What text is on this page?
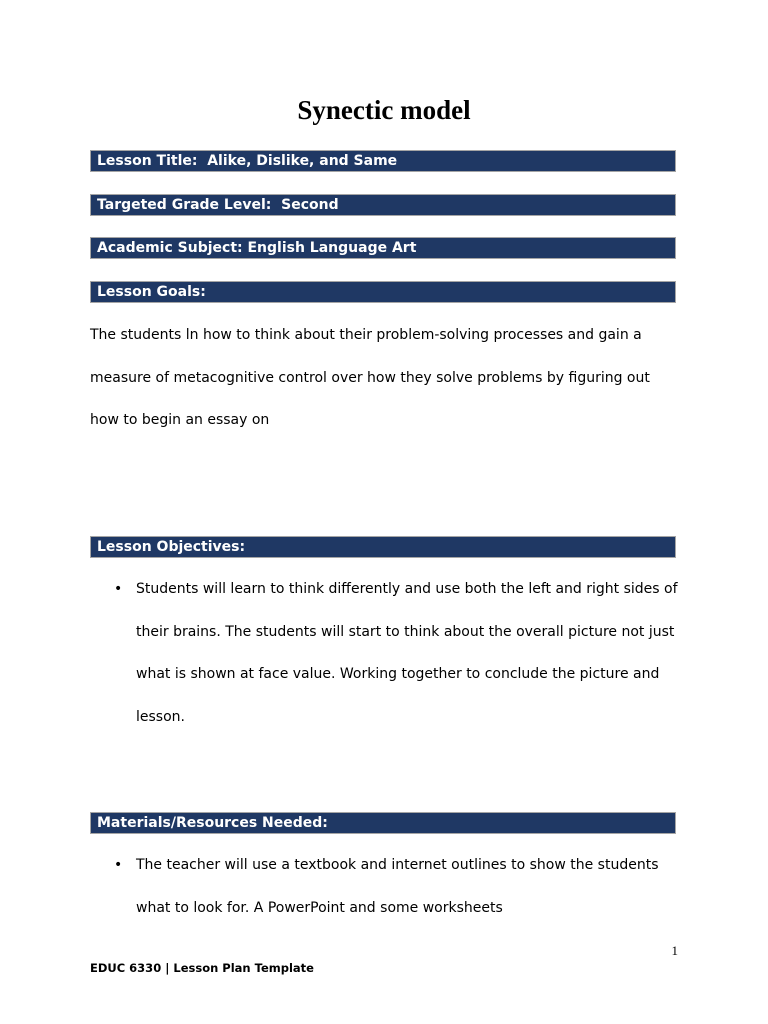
Synectic model
Lesson Title:  Alike, Dislike, and Same
Targeted Grade Level:  Second
Academic Subject: English Language Art
Lesson Goals:
The students ln how to think about their problem-solving processes and gain a measure of metacognitive control over how they solve problems by figuring out how to begin an essay on
Lesson Objectives:
• Students will learn to think differently and use both the left and right sides of their brains. The students will start to think about the overall picture not just what is shown at face value. Working together to conclude the picture and lesson.
Materials/Resources Needed:
• The teacher will use a textbook and internet outlines to show the students what to look for. A PowerPoint and some worksheets
1
EDUC 6330 | Lesson Plan Template
